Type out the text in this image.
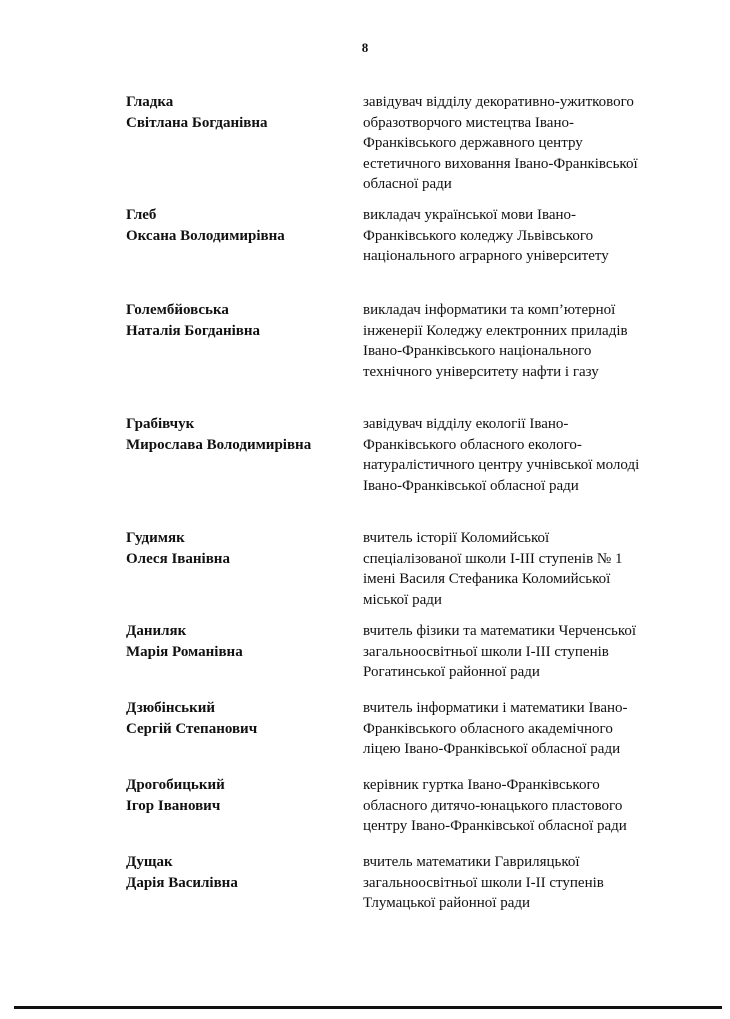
8
Гладка
Світлана Богданівна
завідувач відділу декоративно-ужиткового
образотворчого мистецтва Івано-
Франківського державного центру
естетичного виховання Івано-Франківської
обласної ради
Глеб
Оксана Володимирівна
викладач української мови Івано-
Франківського коледжу Львівського
національного аграрного університету
Голембйовська
Наталія Богданівна
викладач інформатики та комп’ютерної
інженерії Коледжу електронних приладів
Івано-Франківського національного
технічного університету нафти і газу
Грабівчук
Мирослава Володимирівна
завідувач відділу екології Івано-
Франківського обласного еколого-
натуралістичного центру учнівської молоді
Івано-Франківської обласної ради
Гудимяк
Олеся Іванівна
вчитель історії Коломийської
спеціалізованої школи І-ІІІ ступенів № 1
імені Василя Стефаника Коломийської
міської ради
Даниляк
Марія Романівна
вчитель фізики та математики Черченської
загальноосвітньої школи І-ІІІ ступенів
Рогатинської районної ради
Дзюбінський
Сергій Степанович
вчитель інформатики і математики Івано-
Франківського обласного академічного
ліцею Івано-Франківської обласної ради
Дрогобицький
Ігор Іванович
керівник гуртка Івано-Франківського
обласного дитячо-юнацького пластового
центру Івано-Франківської обласної ради
Дущак
Дарія Василівна
вчитель математики Гавриляцької
загальноосвітньої школи І-ІІ ступенів
Тлумацької районної ради
